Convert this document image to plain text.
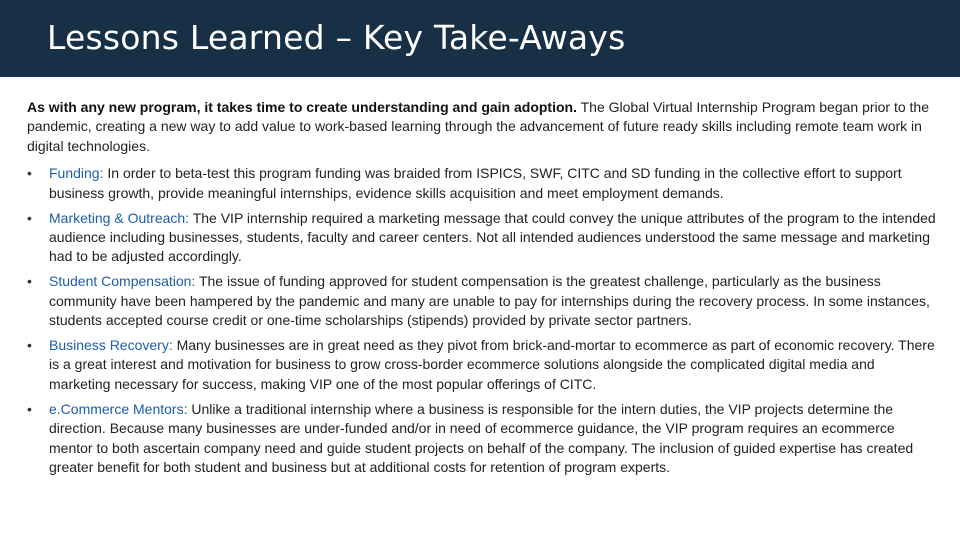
Lessons Learned – Key Take-Aways

As with any new program, it takes time to create understanding and gain adoption. The Global Virtual Internship Program began prior to the pandemic, creating a new way to add value to work-based learning through the advancement of future ready skills including remote team work in digital technologies.

• Funding: In order to beta-test this program funding was braided from ISPICS, SWF, CITC and SD funding in the collective effort to support business growth, provide meaningful internships, evidence skills acquisition and meet employment demands.
• Marketing & Outreach: The VIP internship required a marketing message that could convey the unique attributes of the program to the intended audience including businesses, students, faculty and career centers. Not all intended audiences understood the same message and marketing had to be adjusted accordingly.
• Student Compensation: The issue of funding approved for student compensation is the greatest challenge, particularly as the business community have been hampered by the pandemic and many are unable to pay for internships during the recovery process. In some instances, students accepted course credit or one-time scholarships (stipends) provided by private sector partners.
• Business Recovery: Many businesses are in great need as they pivot from brick-and-mortar to ecommerce as part of economic recovery. There is a great interest and motivation for business to grow cross-border ecommerce solutions alongside the complicated digital media and marketing necessary for success, making VIP one of the most popular offerings of CITC.
• e.Commerce Mentors: Unlike a traditional internship where a business is responsible for the intern duties, the VIP projects determine the direction. Because many businesses are under-funded and/or in need of ecommerce guidance, the VIP program requires an ecommerce mentor to both ascertain company need and guide student projects on behalf of the company. The inclusion of guided expertise has created greater benefit for both student and business but at additional costs for retention of program experts.
